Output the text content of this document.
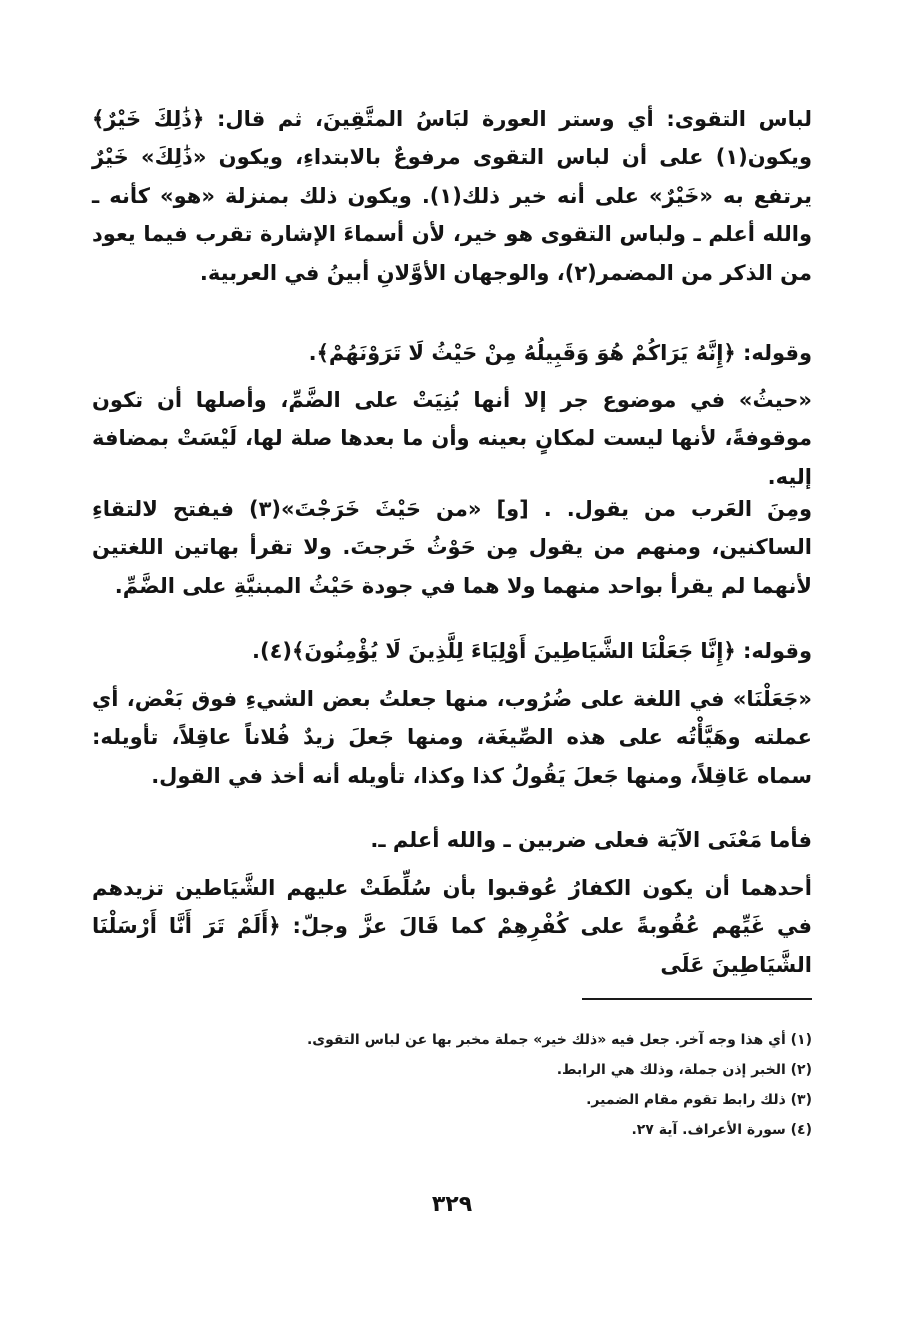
لباس التقوى: أي وستر العورة لبَاسُ المتَّقِينَ، ثم قال: ﴿ذَٰلِكَ خَيْرٌ﴾ ويكون(١) على أن لباس التقوى مرفوعٌ بالابتداءِ، ويكون «ذَٰلِكَ» خَيْرٌ يرتفع به «خَيْرٌ» على أنه خير ذلك(١). ويكون ذلك بمنزلة «هو» كأنه ـ والله أعلم ـ ولباس التقوى هو خير، لأن أسماءَ الإشارة تقرب فيما يعود من الذكر من المضمر(٢)، والوجهان الأوَّلانِ أبينُ في العربية.

وقوله: ﴿إِنَّهُ يَرَاكُمْ هُوَ وَقَبِيلُهُ مِنْ حَيْثُ لَا تَرَوْنَهُمْ﴾.

«حيثُ» في موضوع جر إلا أنها بُنِيَتْ على الضَّمِّ، وأصلها أن تكون موقوفةً، لأنها ليست لمكانٍ بعينه وأن ما بعدها صلة لها، لَيْسَتْ بمضافة إليه.

ومِنَ العَرب من يقول. . [و] «من حَيْثَ خَرَجْتَ»(٣) فيفتح لالتقاءِ الساكنين، ومنهم من يقول مِن حَوْثُ خَرجتَ. ولا تقرأ بهاتين اللغتين لأنهما لم يقرأ بواحد منهما ولا هما في جودة حَيْثُ المبنيَّةِ على الضَّمِّ.

وقوله: ﴿إِنَّا جَعَلْنَا الشَّيَاطِينَ أَوْلِيَاءَ لِلَّذِينَ لَا يُؤْمِنُونَ﴾(٤).

«جَعَلْنَا» في اللغة على ضُرُوب، منها جعلتُ بعض الشيءِ فوق بَعْض، أي عملته وهَيَّأْتُه على هذه الصِّيغَة، ومنها جَعلَ زيدٌ فُلاناً عاقِلاً، تأويله: سماه عَاقِلاً، ومنها جَعلَ يَقُولُ كذا وكذا، تأويله أنه أخذ في القول.

فأما مَعْنَى الآيَة فعلى ضربين ـ والله أعلم ـ.

أحدهما أن يكون الكفارُ عُوقبوا بأن سُلِّطَتْ عليهم الشَّيَاطين تزيدهم في غَيِّهم عُقُوبةً على كُفْرِهِمْ كما قَالَ عزَّ وجلّ: ﴿أَلَمْ تَرَ أَنَّا أَرْسَلْنَا الشَّيَاطِينَ عَلَى

(١) أي هذا وجه آخر. جعل فيه «ذلك خير» جملة مخبر بها عن لباس التقوى.

(٢) الخبر إذن جملة، وذلك هي الرابط.

(٣) ذلك رابط تقوم مقام الضمير.

(٤) سورة الأعراف. آية ٢٧.

٣٢٩
